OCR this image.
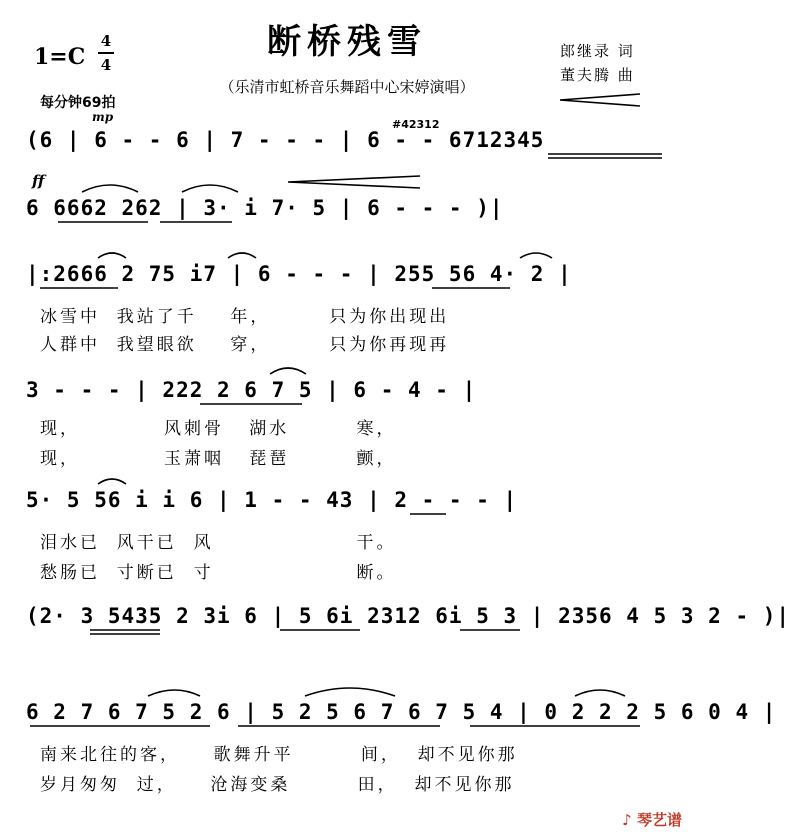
断桥残雪
（乐清市虹桥音乐舞蹈中心宋婷演唱）
1=C
4
4
每分钟69拍
郎继录 词
董夫腾 曲
mp
ff
#42312
(6 | 6 - - 6 | 7 - - - | 6 - - 6712345
6 6662 262 | 3· i 7· 5 | 6 - - - )|
|:2666 2 75 i7 | 6 - - - | 255 56 4· 2 |
冰雪中  我站了千    年，       只为你出现出
人群中  我望眼欲    穿，       只为你再现再
3 - - - | 222 2 6 7 5 | 6 - 4 - |
现，          风刺骨   湖水        寒，
现，          玉萧咽   琵琶        颤，
5· 5 56 i i 6 | 1 - - 43 | 2 - - - |
泪水已  风干已  风                 干。
愁肠已  寸断已  寸                 断。
(2· 3 5435 2 3i 6 | 5 6i 2312 6i 5 3 | 2356 4 5 3 2 - )|
6 2 7 6 7 5 2 6 | 5 2 5 6 7 6 7 5 4 | 0 2 2 2 5 6 0 4 |
南来北往的客，    歌舞升平        间，  却不见你那
岁月匆匆  过，    沧海变桑        田，  却不见你那
♪ 琴艺谱
